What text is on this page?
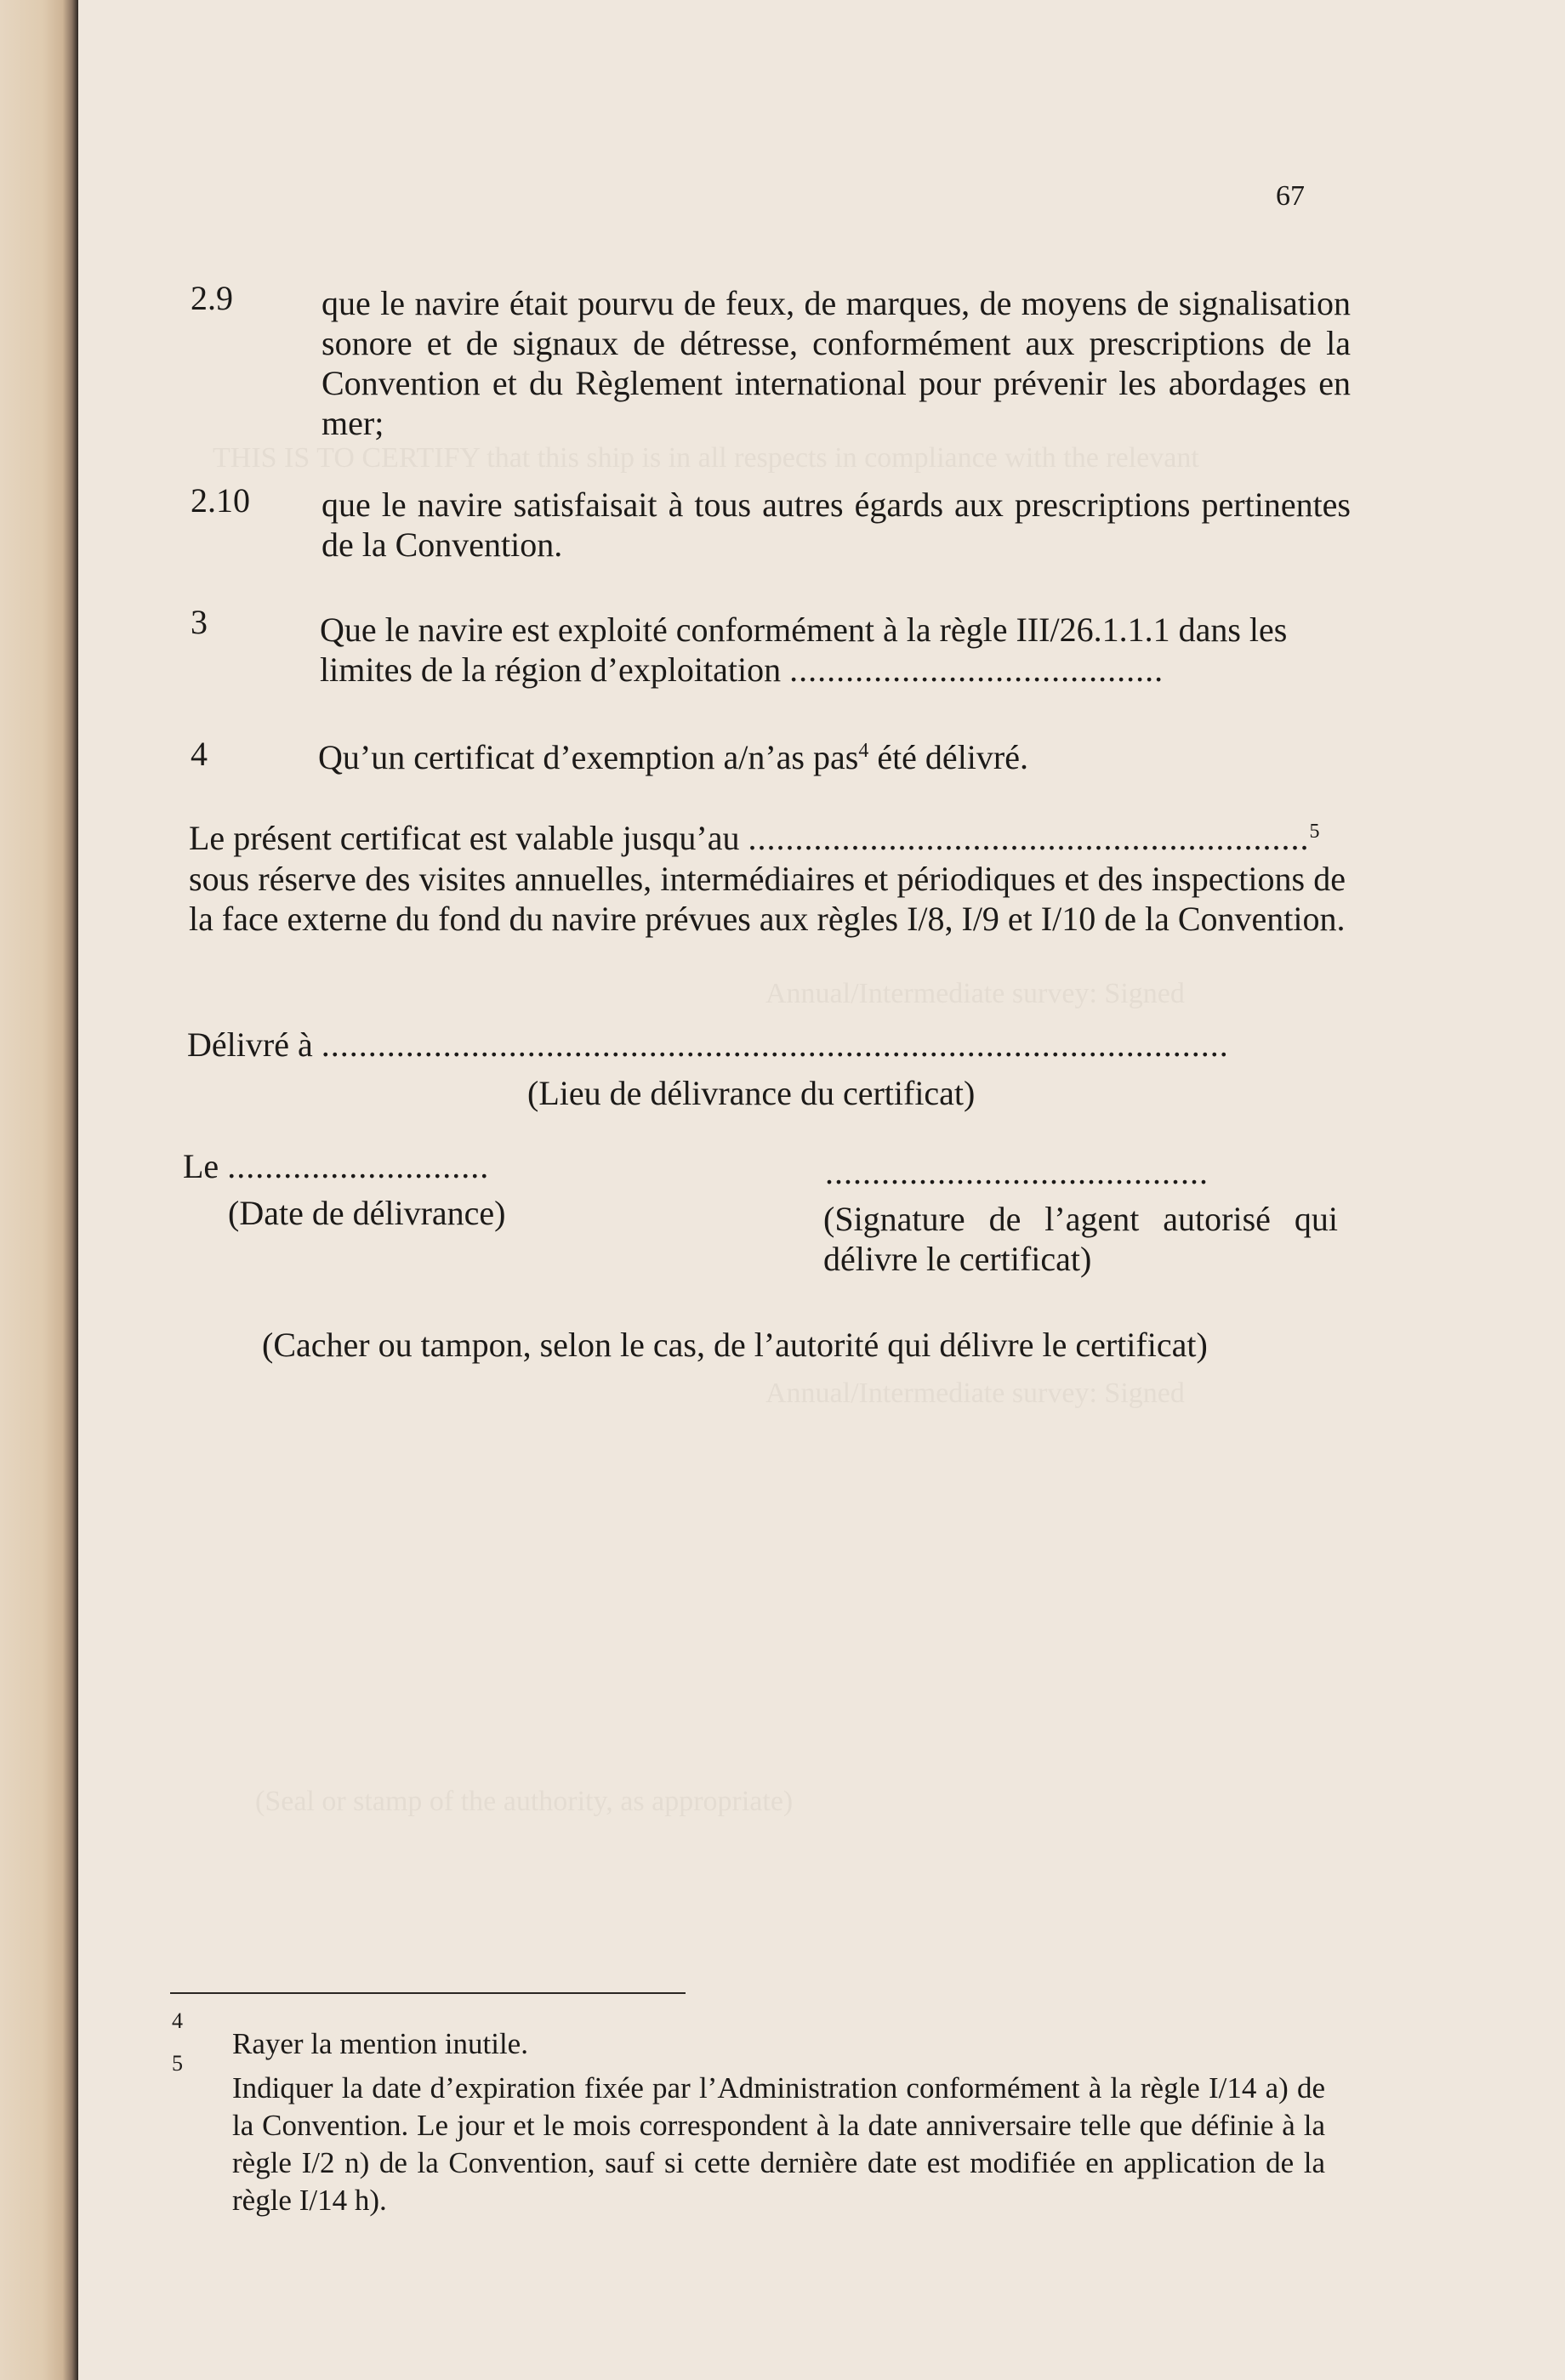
THIS IS TO CERTIFY that this ship is in all respects in compliance with the relevant
Annual/Intermediate survey: Signed
Annual/Intermediate survey: Signed
(Seal or stamp of the authority, as appropriate)
67
2.9	que le navire était pourvu de feux, de marques, de moyens de signalisation sonore et de signaux de détresse, conformément aux prescriptions de la Convention et du Règlement international pour prévenir les abordages en mer;
2.10 que le navire satisfaisait à tous autres égards aux prescriptions pertinentes de la Convention.
3	Que le navire est exploité conformément à la règle III/26.1.1.1 dans les
limites de la région d’exploitation ........................................
4	Qu’un certificat d’exemption a/n’as pas$^4$ été délivré.
Le présent certificat est valable jusqu’au ............................................................$^5$
sous réserve des visites annuelles, intermédiaires et périodiques et des inspections de la face externe du fond du navire prévues aux règles I/8, I/9 et I/10 de la Convention.
Délivré à .................................................................................................
(Lieu de délivrance du certificat)
Le ............................
(Date de délivrance)
.........................................
(Signature de l’agent autorisé qui délivre le certificat)
(Cacher ou tampon, selon le cas, de l’autorité qui délivre le certificat)
4
Rayer la mention inutile.
5
Indiquer la date d’expiration fixée par l’Administration conformément à la règle I/14 a) de la Convention. Le jour et le mois correspondent à la date anniversaire telle que définie à la règle I/2 n) de la Convention, sauf si cette dernière date est modifiée en application de la règle I/14 h).
